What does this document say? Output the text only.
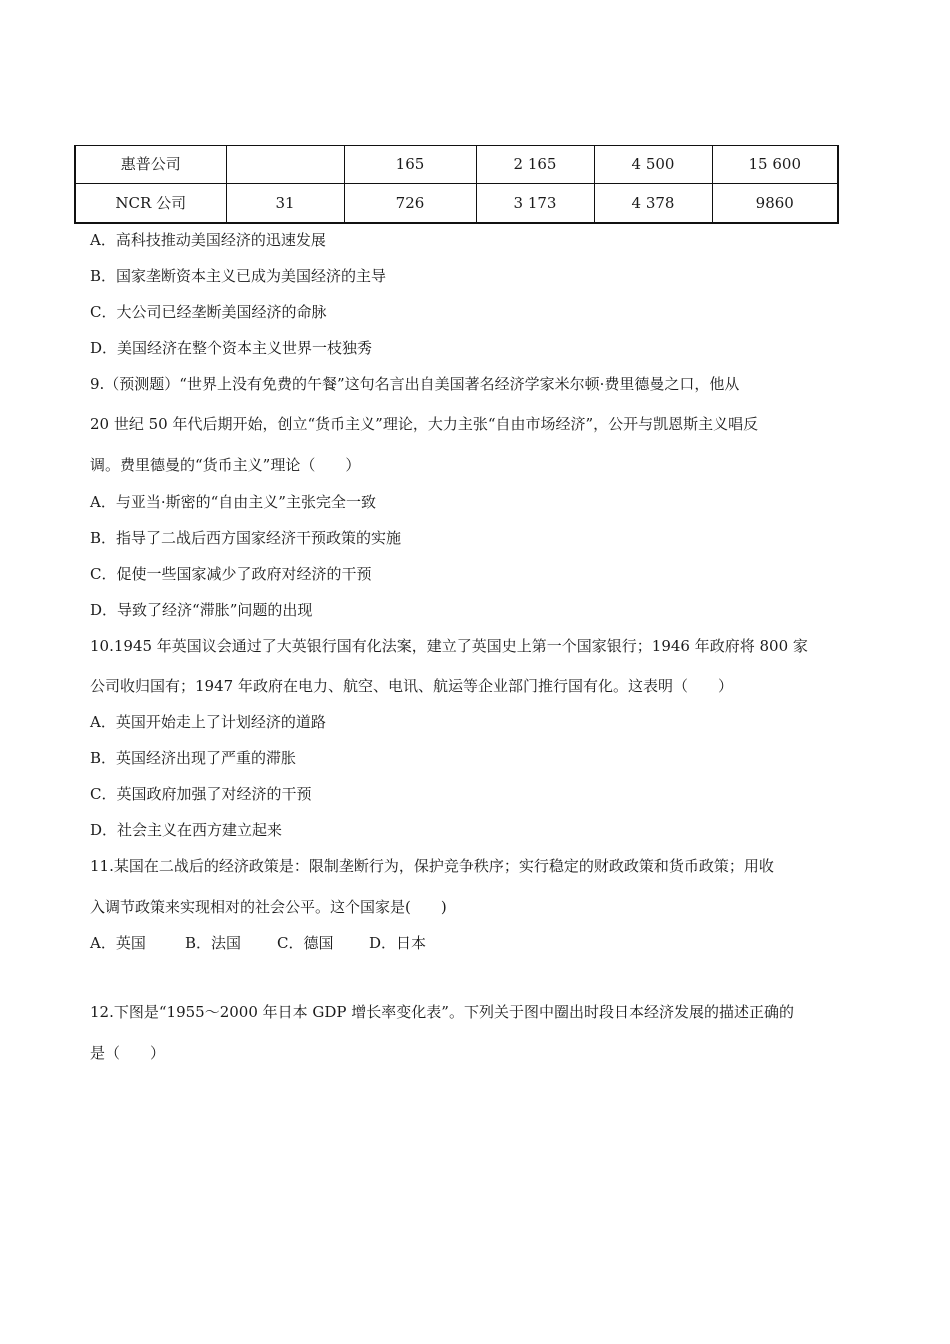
惠普公司		165	2 165	4 500	15 600
NCR 公司	31	726	3 173	4 378	9860
A．高科技推动美国经济的迅速发展
B．国家垄断资本主义已成为美国经济的主导
C．大公司已经垄断美国经济的命脉
D．美国经济在整个资本主义世界一枝独秀
9.（预测题）“世界上没有免费的午餐”这句名言出自美国著名经济学家米尔顿·费里德曼之口，他从
20 世纪 50 年代后期开始，创立“货币主义”理论，大力主张“自由市场经济”，公开与凯恩斯主义唱反
调。费里德曼的“货币主义”理论（　　）
A．与亚当·斯密的“自由主义”主张完全一致
B．指导了二战后西方国家经济干预政策的实施
C．促使一些国家减少了政府对经济的干预
D．导致了经济“滞胀”问题的出现
10.1945 年英国议会通过了大英银行国有化法案，建立了英国史上第一个国家银行；1946 年政府将 800 家
公司收归国有；1947 年政府在电力、航空、电讯、航运等企业部门推行国有化。这表明（　　）
A．英国开始走上了计划经济的道路
B．英国经济出现了严重的滞胀
C．英国政府加强了对经济的干预
D．社会主义在西方建立起来
11.某国在二战后的经济政策是：限制垄断行为，保护竞争秩序；实行稳定的财政政策和货币政策；用收
入调节政策来实现相对的社会公平。这个国家是(　　)
A．英国	B．法国 C．德国 D．日本
12.下图是“1955～2000 年日本 GDP 增长率变化表”。下列关于图中圈出时段日本经济发展的描述正确的
是（　　）
